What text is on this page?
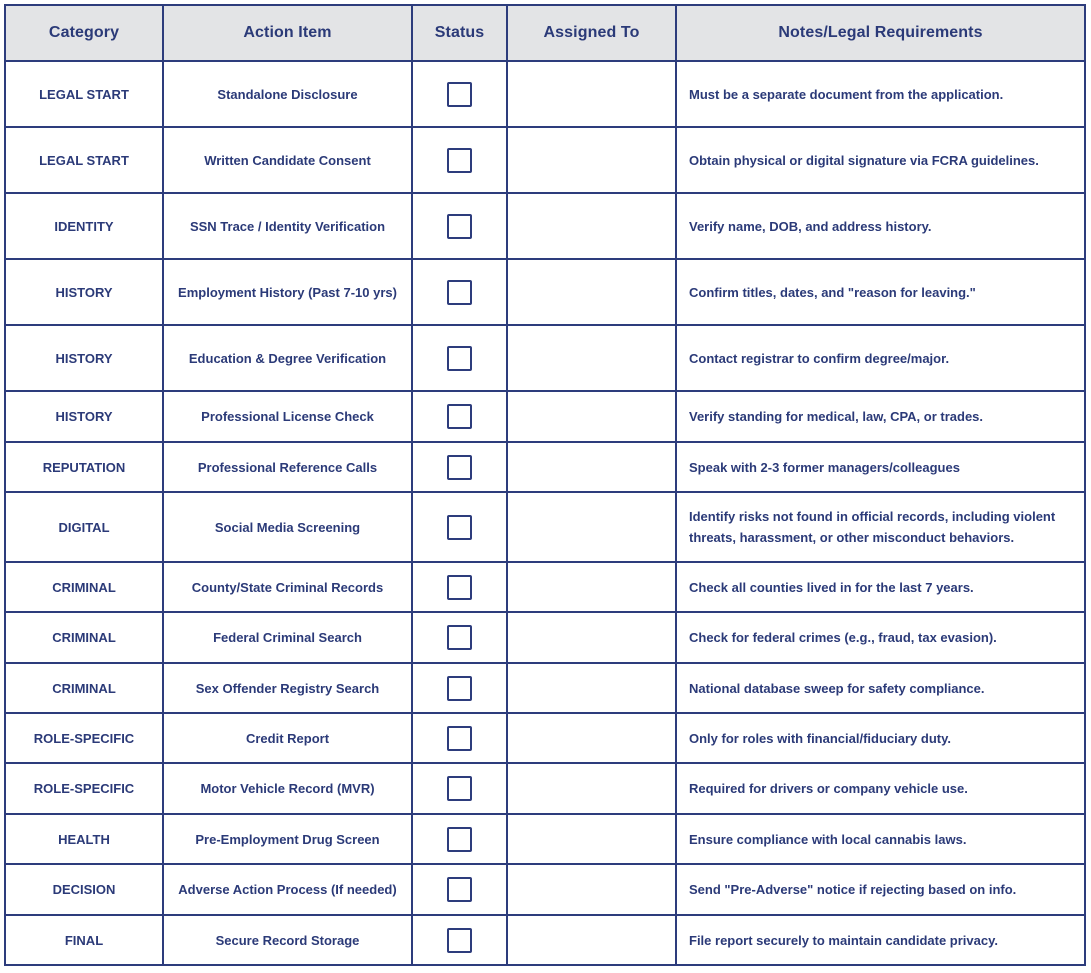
Category	Action Item	Status	Assigned To	Notes/Legal Requirements
LEGAL START	Standalone Disclosure			Must be a separate document from the application.
LEGAL START	Written Candidate Consent			Obtain physical or digital signature via FCRA guidelines.
IDENTITY	SSN Trace / Identity Verification			Verify name, DOB, and address history.
HISTORY	Employment History (Past 7-10 yrs)			Confirm titles, dates, and "reason for leaving."
HISTORY	Education & Degree Verification			Contact registrar to confirm degree/major.
HISTORY	Professional License Check			Verify standing for medical, law, CPA, or trades.
REPUTATION	Professional Reference Calls			Speak with 2-3 former managers/colleagues
DIGITAL	Social Media Screening			Identify risks not found in official records, including violent threats, harassment, or other misconduct behaviors.
CRIMINAL	County/State Criminal Records			Check all counties lived in for the last 7 years.
CRIMINAL	Federal Criminal Search			Check for federal crimes (e.g., fraud, tax evasion).
CRIMINAL	Sex Offender Registry Search			National database sweep for safety compliance.
ROLE-SPECIFIC	Credit Report			Only for roles with financial/fiduciary duty.
ROLE-SPECIFIC	Motor Vehicle Record (MVR)			Required for drivers or company vehicle use.
HEALTH	Pre-Employment Drug Screen			Ensure compliance with local cannabis laws.
DECISION	Adverse Action Process (If needed)			Send "Pre-Adverse" notice if rejecting based on info.
FINAL	Secure Record Storage			File report securely to maintain candidate privacy.
